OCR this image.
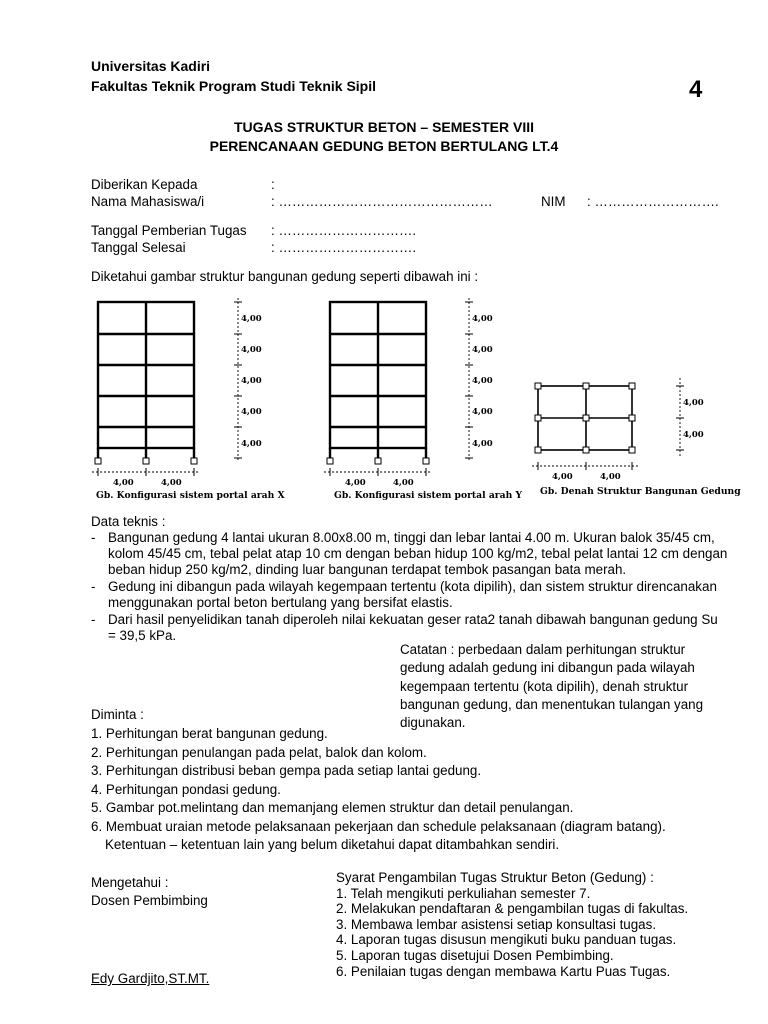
Universitas Kadiri
Fakultas Teknik Program Studi Teknik Sipil	4
TUGAS STRUKTUR BETON – SEMESTER VIII
PERENCANAAN GEDUNG BETON BERTULANG LT.4
Diberikan Kepada	:
Nama Mahasiswa/i	: …………………………………………	NIM : ……………………….
Tanggal Pemberian Tugas : ………………………….
Tanggal Selesai	: ………………………….
Diketahui gambar struktur bangunan gedung seperti dibawah ini :
4,00
4,00
4,00
4,00
4,00
4,00	4,00
Gb. Konfigurasi sistem portal arah X
4,00
4,00
4,00
4,00
4,00
4,00	4,00
Gb. Konfigurasi sistem portal arah Y
4,00
4,00
4,00	4,00
Gb. Denah Struktur Bangunan Gedung
Data teknis :
- Bangunan gedung 4 lantai ukuran 8.00x8.00 m, tinggi dan lebar lantai 4.00 m. Ukuran balok 35/45 cm, kolom 45/45 cm, tebal pelat atap 10 cm dengan beban hidup 100 kg/m2, tebal pelat lantai 12 cm dengan beban hidup 250 kg/m2, dinding luar bangunan terdapat tembok pasangan bata merah.
- Gedung ini dibangun pada wilayah kegempaan tertentu (kota dipilih), dan sistem struktur direncanakan menggunakan portal beton bertulang yang bersifat elastis.
- Dari hasil penyelidikan tanah diperoleh nilai kekuatan geser rata2 tanah dibawah bangunan gedung Su = 39,5 kPa.
Catatan : perbedaan dalam perhitungan struktur gedung adalah gedung ini dibangun pada wilayah kegempaan tertentu (kota dipilih), denah struktur bangunan gedung, dan menentukan tulangan yang digunakan.
Diminta :
1. Perhitungan berat bangunan gedung.
2. Perhitungan penulangan pada pelat, balok dan kolom.
3. Perhitungan distribusi beban gempa pada setiap lantai gedung.
4. Perhitungan pondasi gedung.
5. Gambar pot.melintang dan memanjang elemen struktur dan detail penulangan.
6. Membuat uraian metode pelaksanaan pekerjaan dan schedule pelaksanaan (diagram batang).
Ketentuan – ketentuan lain yang belum diketahui dapat ditambahkan sendiri.
Mengetahui :
Dosen Pembimbing
Edy Gardjito,ST.MT.
Syarat Pengambilan Tugas Struktur Beton (Gedung) :
1. Telah mengikuti perkuliahan semester 7.
2. Melakukan pendaftaran & pengambilan tugas di fakultas.
3. Membawa lembar asistensi setiap konsultasi tugas.
4. Laporan tugas disusun mengikuti buku panduan tugas.
5. Laporan tugas disetujui Dosen Pembimbing.
6. Penilaian tugas dengan membawa Kartu Puas Tugas.
